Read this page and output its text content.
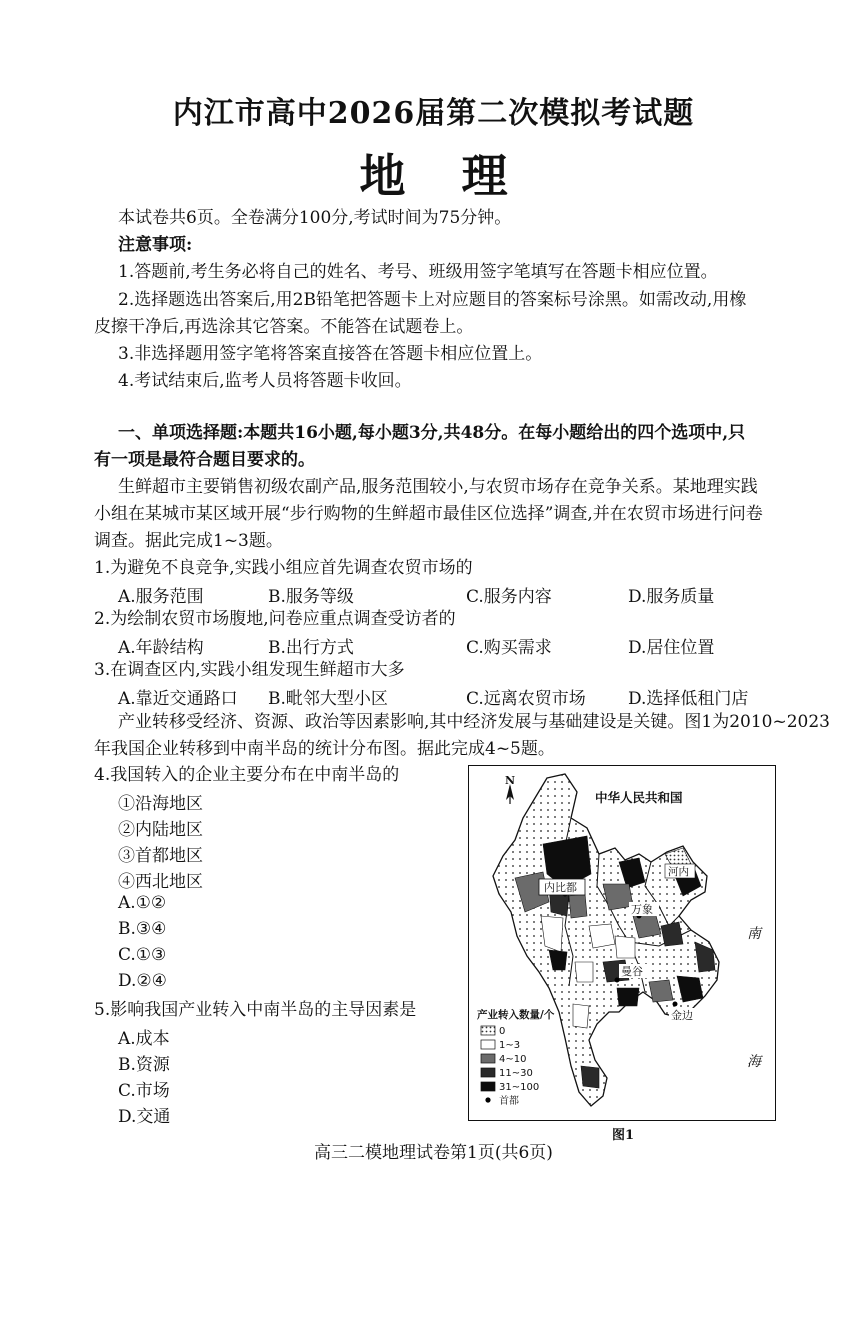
内江市高中2026届第二次模拟考试题
地 理
本试卷共6页。全卷满分100分,考试时间为75分钟。
注意事项:
1.答题前,考生务必将自己的姓名、考号、班级用签字笔填写在答题卡相应位置。
2.选择题选出答案后,用2B铅笔把答题卡上对应题目的答案标号涂黑。如需改动,用橡
皮擦干净后,再选涂其它答案。不能答在试题卷上。
3.非选择题用签字笔将答案直接答在答题卡相应位置上。
4.考试结束后,监考人员将答题卡收回。
一、单项选择题:本题共16小题,每小题3分,共48分。在每小题给出的四个选项中,只
有一项是最符合题目要求的。
生鲜超市主要销售初级农副产品,服务范围较小,与农贸市场存在竞争关系。某地理实践
小组在某城市某区域开展“步行购物的生鲜超市最佳区位选择”调查,并在农贸市场进行问卷
调查。据此完成1~3题。
1.为避免不良竞争,实践小组应首先调查农贸市场的
A.服务范围	B.服务等级	C.服务内容	D.服务质量
2.为绘制农贸市场腹地,问卷应重点调查受访者的
A.年龄结构	B.出行方式	C.购买需求	D.居住位置
3.在调查区内,实践小组发现生鲜超市大多
A.靠近交通路口 B.毗邻大型小区	C.远离农贸市场 D.选择低租门店
产业转移受经济、资源、政治等因素影响,其中经济发展与基础建设是关键。图1为2010~2023
年我国企业转移到中南半岛的统计分布图。据此完成4~5题。
4.我国转入的企业主要分布在中南半岛的
①沿海地区
②内陆地区
③首都地区
④西北地区
A.①②
B.③④
C.①③
D.②④
5.影响我国产业转入中南半岛的主导因素是
A.成本
B.资源
C.市场
D.交通
N
中华人民共和国
内比都
河内
万象
曼谷
金边
南
海
产业转入数量/个
0
1~3
4~10
11~30
31~100
首都
图1
高三二模地理试卷第1页(共6页)
